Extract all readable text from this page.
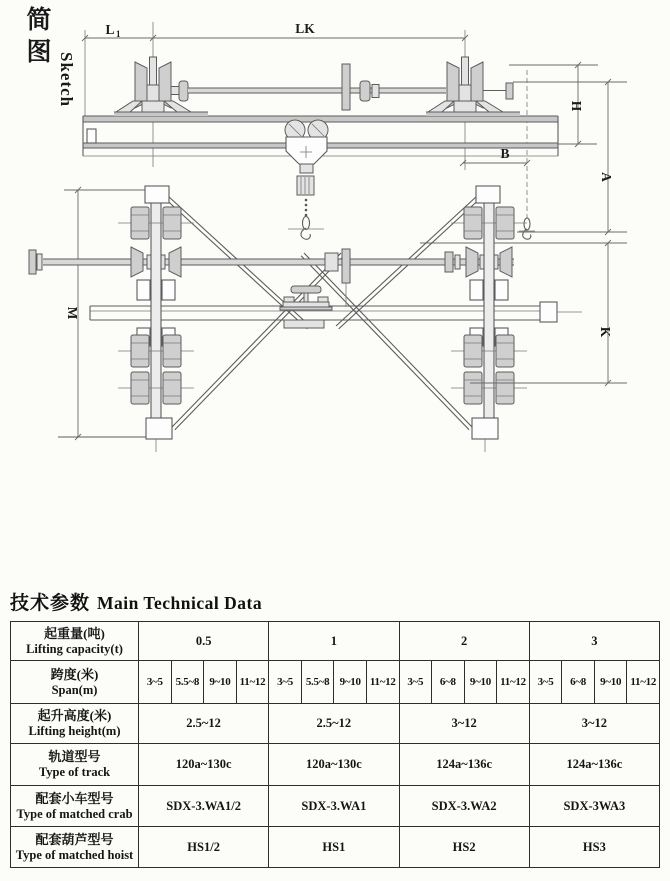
简图
Sketch
L 1	LK
H
B
A
M
K
技术参数 Main Technical Data
起重量(吨)
Lifting capacity(t)	0.5				1				2				3			

跨度(米)
Span(m)	3~5	5.5~8	9~10	11~12	3~5	5.5~8	9~10	11~12	3~5	6~8	9~10	11~12	3~5	6~8	9~10	11~12

起升高度(米)
Lifting height(m)	2.5~12				2.5~12				3~12				3~12			

轨道型号
Type of track	120a~130c				120a~130c				124a~136c				124a~136c			

配套小车型号
Type of matched crab	SDX-3.WA1/2				SDX-3.WA1				SDX-3.WA2				SDX-3WA3			

配套葫芦型号
Type of matched hoist	HS1/2				HS1				HS2				HS3			
